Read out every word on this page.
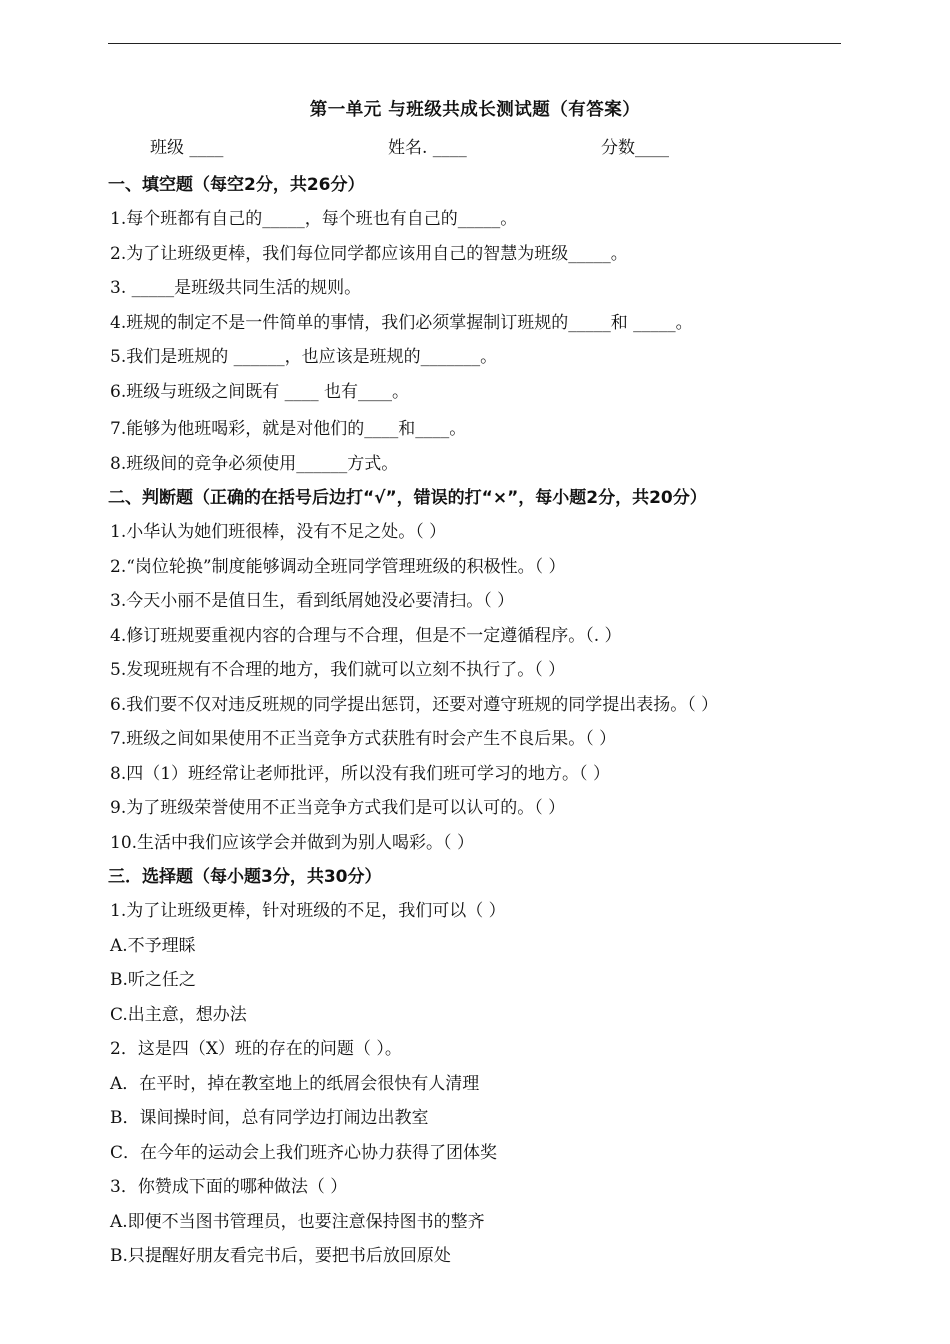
第一单元 与班级共成长测试题（有答案）
班级 ____	姓名. ____	分数____
一、填空题（每空2分，共26分）
1.每个班都有自己的_____，每个班也有自己的_____。
2.为了让班级更棒，我们每位同学都应该用自己的智慧为班级_____。
3. _____是班级共同生活的规则。
4.班规的制定不是一件简单的事情，我们必须掌握制订班规的_____和 _____。
5.我们是班规的 ______，也应该是班规的_______。
6.班级与班级之间既有 ____ 也有____。
7.能够为他班喝彩，就是对他们的____和____。
8.班级间的竞争必须使用______方式。
二、判断题（正确的在括号后边打“√”，错误的打“×”，每小题2分，共20分）
1.小华认为她们班很棒，没有不足之处。（ ）
2.“岗位轮换”制度能够调动全班同学管理班级的积极性。（ ）
3.今天小丽不是值日生，看到纸屑她没必要清扫。（ ）
4.修订班规要重视内容的合理与不合理，但是不一定遵循程序。（. ）
5.发现班规有不合理的地方，我们就可以立刻不执行了。（ ）
6.我们要不仅对违反班规的同学提出惩罚，还要对遵守班规的同学提出表扬。（ ）
7.班级之间如果使用不正当竞争方式获胜有时会产生不良后果。（ ）
8.四（1）班经常让老师批评，所以没有我们班可学习的地方。（ ）
9.为了班级荣誉使用不正当竞争方式我们是可以认可的。（ ）
10.生活中我们应该学会并做到为别人喝彩。（ ）
三．选择题（每小题3分，共30分）
1.为了让班级更棒，针对班级的不足，我们可以（ ）
A.不予理睬
B.听之任之
C.出主意，想办法
2．这是四（X）班的存在的问题（ ）。
A．在平时，掉在教室地上的纸屑会很快有人清理
B．课间操时间，总有同学边打闹边出教室
C．在今年的运动会上我们班齐心协力获得了团体奖
3．你赞成下面的哪种做法（ ）
A.即便不当图书管理员，也要注意保持图书的整齐
B.只提醒好朋友看完书后，要把书后放回原处
